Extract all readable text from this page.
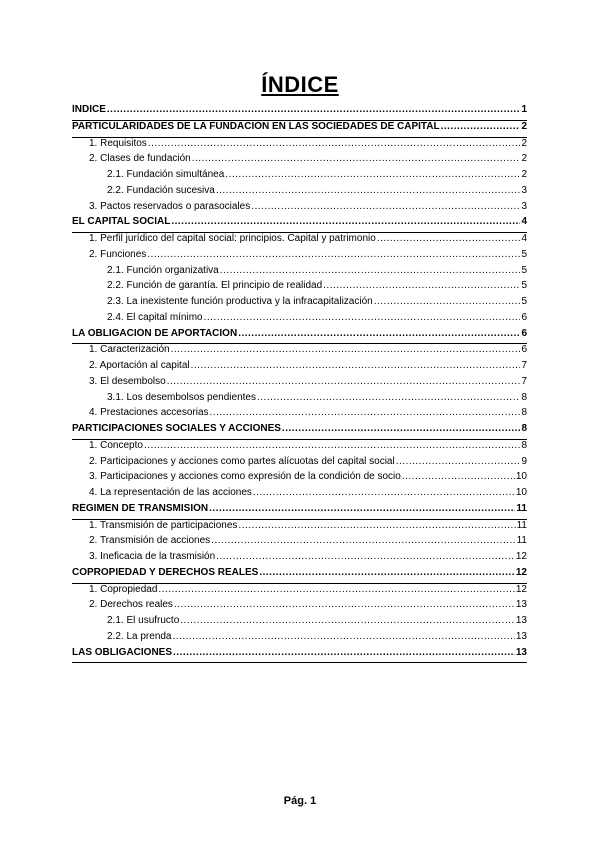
ÍNDICE
ÍNDICE .....	1
PARTICULARIDADES DE LA FUNDACIÓN EN LAS SOCIEDADES DE CAPITAL .....	2
1. Requisitos .....	2
2. Clases de fundación .....	2
2.1. Fundación simultánea .....	2
2.2. Fundación sucesiva .....	3
3. Pactos reservados o parasociales .....	3
EL CAPITAL SOCIAL .....	4
1. Perfil jurídico del capital social: principios. Capital y patrimonio .....	4
2. Funciones .....	5
2.1. Función organizativa .....	5
2.2. Función de garantía. El principio de realidad .....	5
2.3. La inexistente función productiva y la infracapitalización .....	5
2.4. El capital mínimo .....	6
LA OBLIGACIÓN DE APORTACIÓN .....	6
1. Caracterización .....	6
2. Aportación al capital .....	7
3. El desembolso .....	7
3.1. Los desembolsos pendientes .....	8
4. Prestaciones accesorias .....	8
PARTICIPACIONES SOCIALES Y ACCIONES .....	8
1. Concepto .....	8
2. Participaciones y acciones como partes alícuotas del capital social .....	9
3. Participaciones y acciones como expresión de la condición de socio .....	10
4. La representación de las acciones .....	10
RÉGIMEN DE TRANSMISIÓN .....	11
1. Transmisión de participaciones .....	11
2. Transmisión de acciones .....	11
3. Ineficacia de la trasmisión .....	12
COPROPIEDAD Y DERECHOS REALES .....	12
1. Copropiedad .....	12
2. Derechos reales .....	13
2.1. El usufructo .....	13
2.2. La prenda .....	13
LAS OBLIGACIONES .....	13
Pág. 1
